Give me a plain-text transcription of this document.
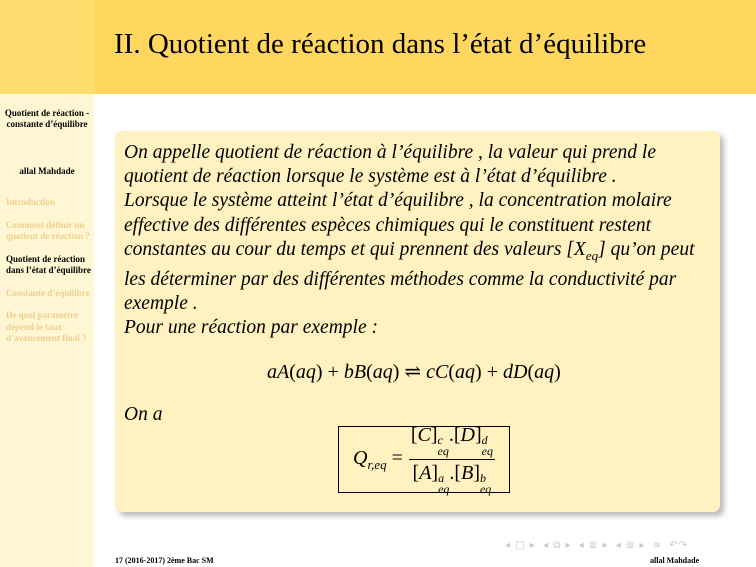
II. Quotient de réaction dans l’état d’équilibre
Quotient de réaction - constante d’équilibre
allal Mahdade
Introduction
Comment définir un quotient de réaction ?
Quotient de réaction dans l’état d’équilibre
Constante d’équilibre
De quel paramètre dépend le taux d’avancement final ?
On appelle quotient de réaction à l’équilibre , la valeur qui prend le
quotient de réaction lorsque le système est à l’état d’équilibre .
Lorsque le système atteint l’état d’équilibre , la concentration molaire
effective des différentes espèces chimiques qui le constituent restent
constantes au cour du temps et qui prennent des valeurs $[X_{eq}]$ qu’on peut
les déterminer par des différentes méthodes comme la conductivité par
exemple .
Pour une réaction par exemple :
aA(aq) + bB(aq) ⇌ cC(aq) + dD(aq)
On a
$Q_{r,eq} = [C]$ c
eq
.[D] d
eq
[A] a
eq
.[B] b
eq
◂ □ ▸ ◂ ⧉ ▸ ◂ ≣ ▸ ◂ ≣ ▸ ≡ ↶↷
17 (2016-2017) 2ème Bac SM	allal Mahdade
